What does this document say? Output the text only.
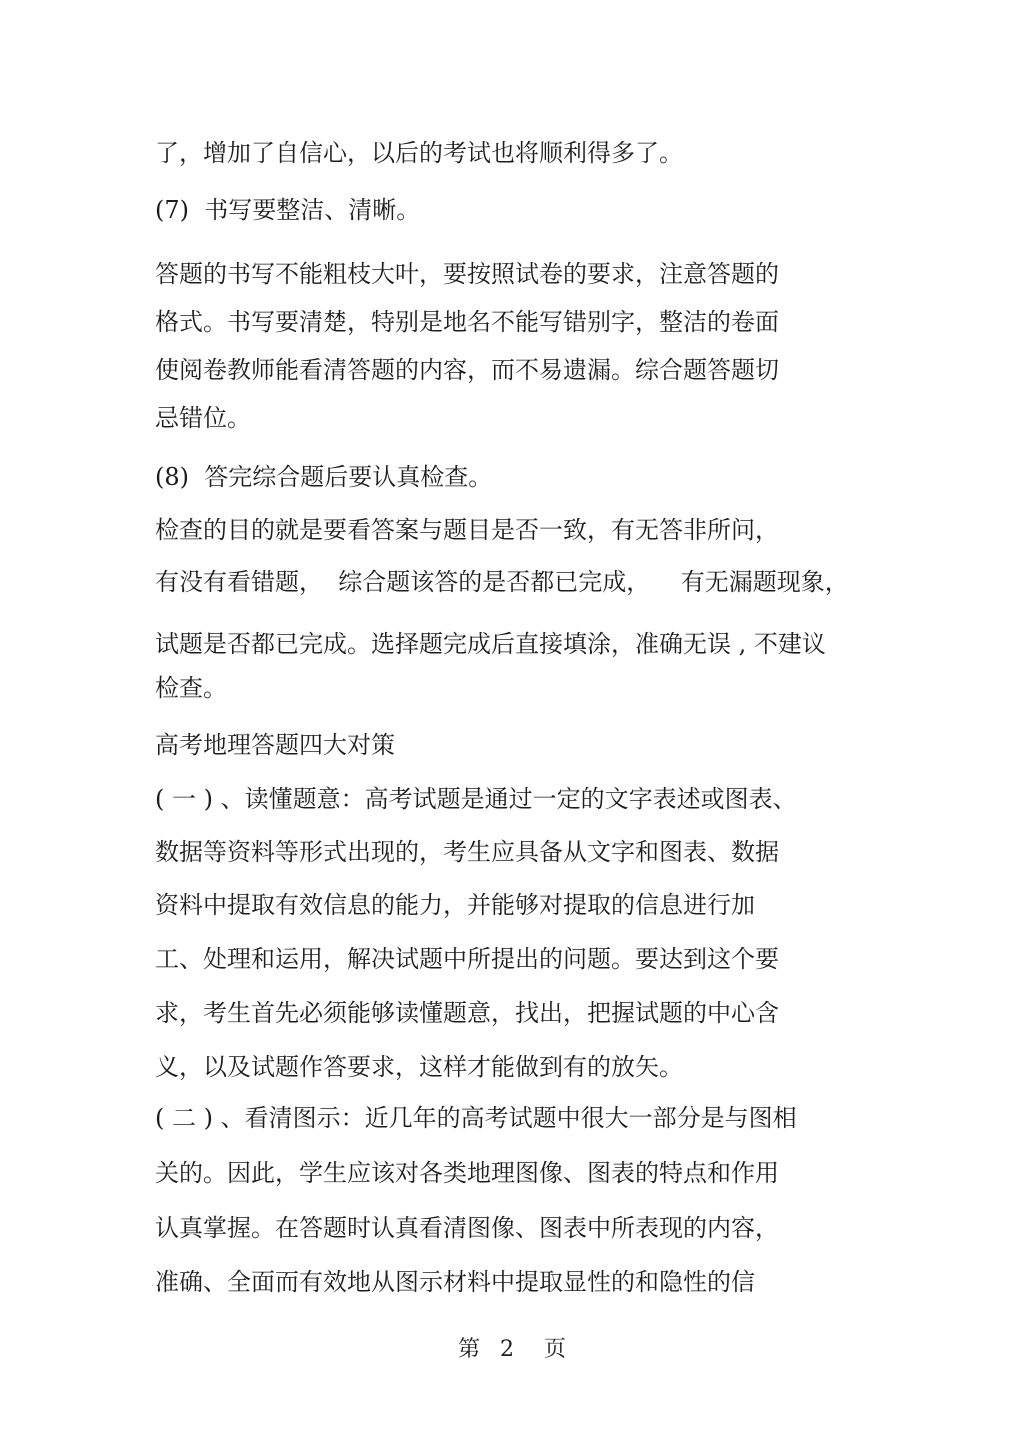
了，增加了自信心，以后的考试也将顺利得多了。
(7)  书写要整洁、清晰。
答题的书写不能粗枝大叶，要按照试卷的要求，注意答题的
格式。书写要清楚，特别是地名不能写错别字，整洁的卷面
使阅卷教师能看清答题的内容，而不易遗漏。综合题答题切
忌错位。
(8)  答完综合题后要认真检查。
检查的目的就是要看答案与题目是否一致，有无答非所问，
有没有看错题，  综合题该答的是否都已完成，    有无漏题现象，
试题是否都已完成。选择题完成后直接填涂，准确无误 , 不建议
检查。
高考地理答题四大对策
( 一 ) 、读懂题意：高考试题是通过一定的文字表述或图表、
数据等资料等形式出现的，考生应具备从文字和图表、数据
资料中提取有效信息的能力，并能够对提取的信息进行加
工、处理和运用，解决试题中所提出的问题。要达到这个要
求，考生首先必须能够读懂题意，找出，把握试题的中心含
义，以及试题作答要求，这样才能做到有的放矢。
( 二 ) 、看清图示：近几年的高考试题中很大一部分是与图相
关的。因此，学生应该对各类地理图像、图表的特点和作用
认真掌握。在答题时认真看清图像、图表中所表现的内容，
准确、全面而有效地从图示材料中提取显性的和隐性的信
第 2 页
